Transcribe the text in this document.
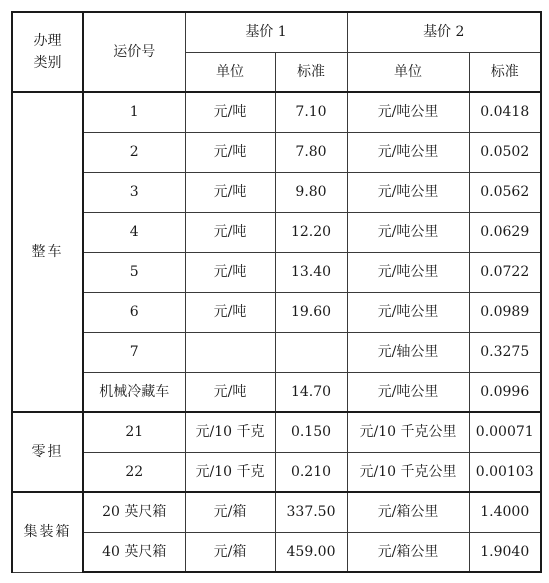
办理
类别	运价号	基价 1		基价 2	
		单位	标准	单位	标准
整车	1	元/吨	7.10	元/吨公里	0.0418
	2	元/吨	7.80	元/吨公里	0.0502
	3	元/吨	9.80	元/吨公里	0.0562
	4	元/吨	12.20	元/吨公里	0.0629
	5	元/吨	13.40	元/吨公里	0.0722
	6	元/吨	19.60	元/吨公里	0.0989
	7			元/轴公里	0.3275
	机械冷藏车	元/吨	14.70	元/吨公里	0.0996
零担	21	元/10 千克	0.150	元/10 千克公里	0.00071
	22	元/10 千克	0.210	元/10 千克公里	0.00103
集装箱	20 英尺箱	元/箱	337.50	元/箱公里	1.4000
	40 英尺箱	元/箱	459.00	元/箱公里	1.9040
